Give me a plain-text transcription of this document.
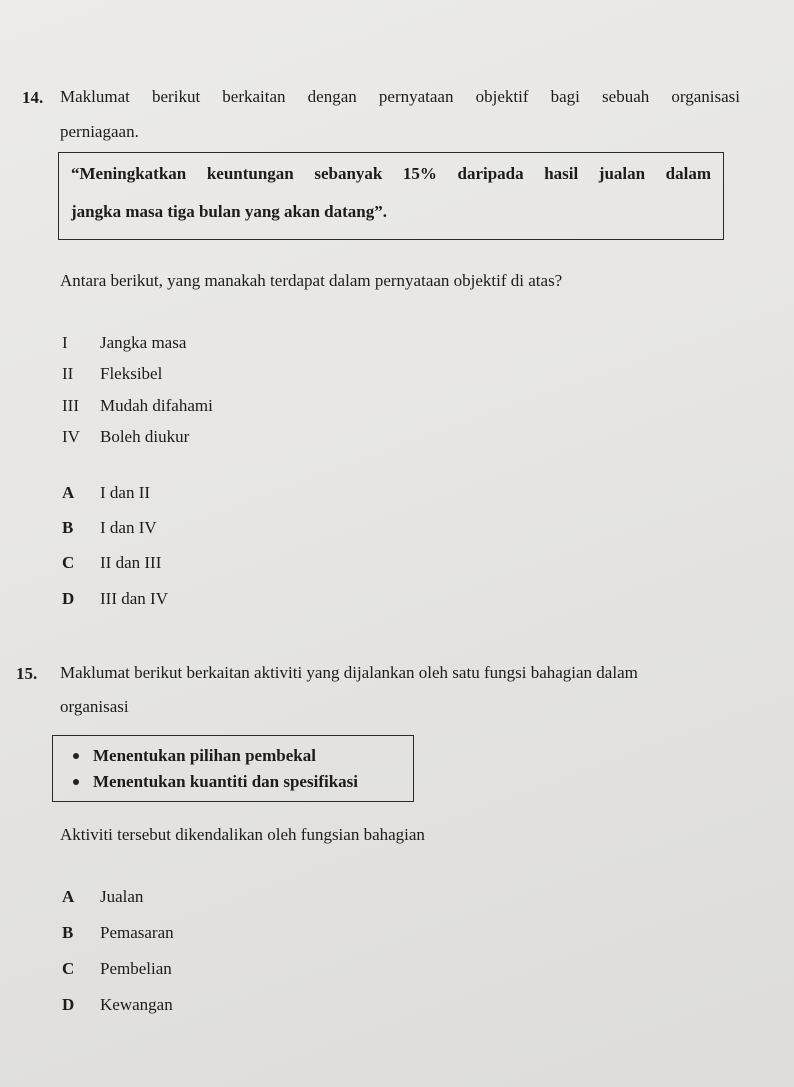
14. Maklumat berikut berkaitan dengan pernyataan objektif bagi sebuah organisasi
perniagaan.
“Meningkatkan keuntungan sebanyak 15% daripada hasil jualan dalam
jangka masa tiga bulan yang akan datang”.
Antara berikut, yang manakah terdapat dalam pernyataan objektif di atas?
I Jangka masa
II Fleksibel
III Mudah difahami
IV Boleh diukur
A I dan II
B I dan IV
C II dan III
D III dan IV
15. Maklumat berikut berkaitan aktiviti yang dijalankan oleh satu fungsi bahagian dalam
organisasi
Menentukan pilihan pembekal
Menentukan kuantiti dan spesifikasi
Aktiviti tersebut dikendalikan oleh fungsian bahagian
A Jualan
B Pemasaran
C Pembelian
D Kewangan
